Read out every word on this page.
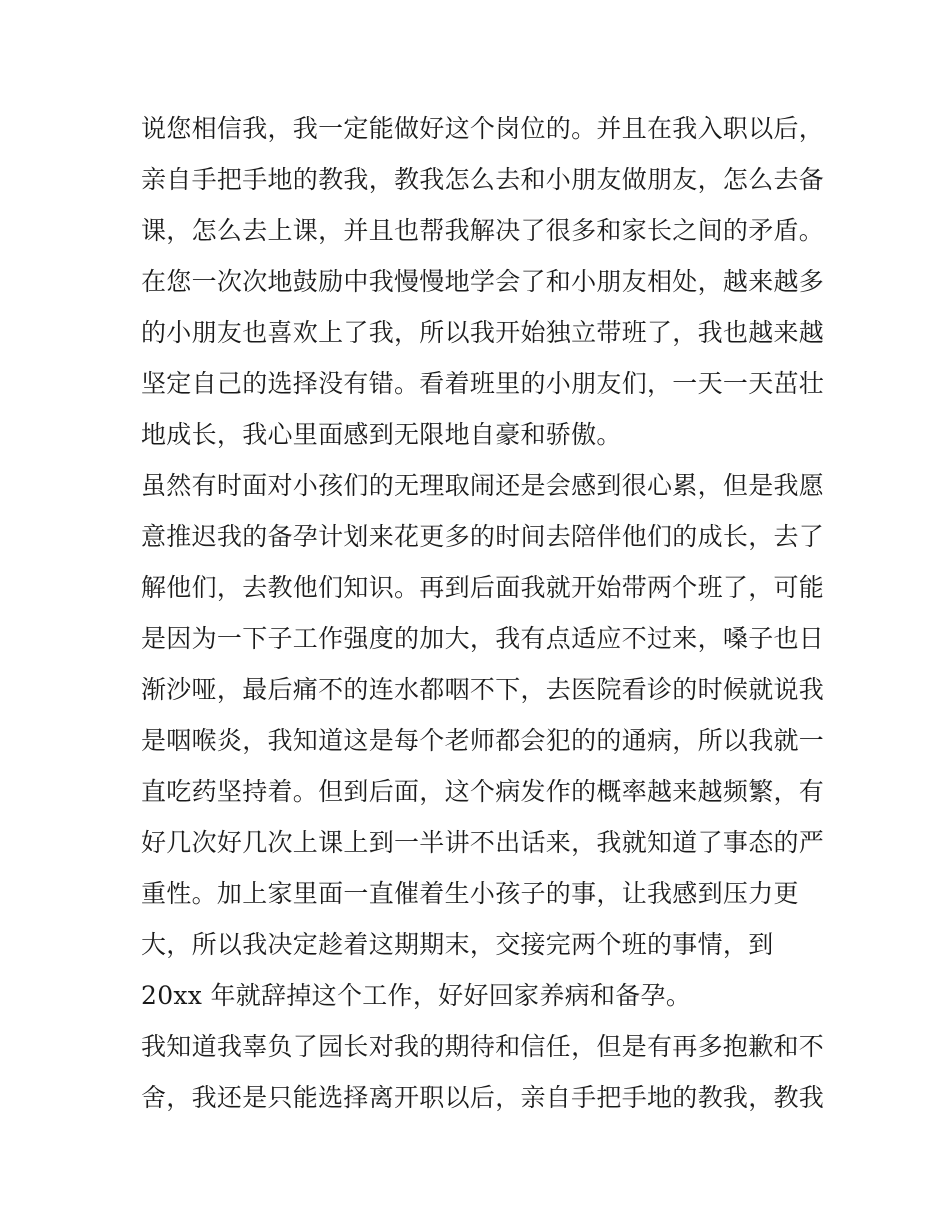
说您相信我，我一定能做好这个岗位的。并且在我入职以后，
亲自手把手地的教我，教我怎么去和小朋友做朋友，怎么去备
课，怎么去上课，并且也帮我解决了很多和家长之间的矛盾。
在您一次次地鼓励中我慢慢地学会了和小朋友相处，越来越多
的小朋友也喜欢上了我，所以我开始独立带班了，我也越来越
坚定自己的选择没有错。看着班里的小朋友们，一天一天茁壮
地成长，我心里面感到无限地自豪和骄傲。
虽然有时面对小孩们的无理取闹还是会感到很心累，但是我愿
意推迟我的备孕计划来花更多的时间去陪伴他们的成长，去了
解他们，去教他们知识。再到后面我就开始带两个班了，可能
是因为一下子工作强度的加大，我有点适应不过来，嗓子也日
渐沙哑，最后痛不的连水都咽不下，去医院看诊的时候就说我
是咽喉炎，我知道这是每个老师都会犯的的通病，所以我就一
直吃药坚持着。但到后面，这个病发作的概率越来越频繁，有
好几次好几次上课上到一半讲不出话来，我就知道了事态的严
重性。加上家里面一直催着生小孩子的事，让我感到压力更
大，所以我决定趁着这期期末，交接完两个班的事情，到
20xx 年就辞掉这个工作，好好回家养病和备孕。
我知道我辜负了园长对我的期待和信任，但是有再多抱歉和不
舍，我还是只能选择离开职以后，亲自手把手地的教我，教我
